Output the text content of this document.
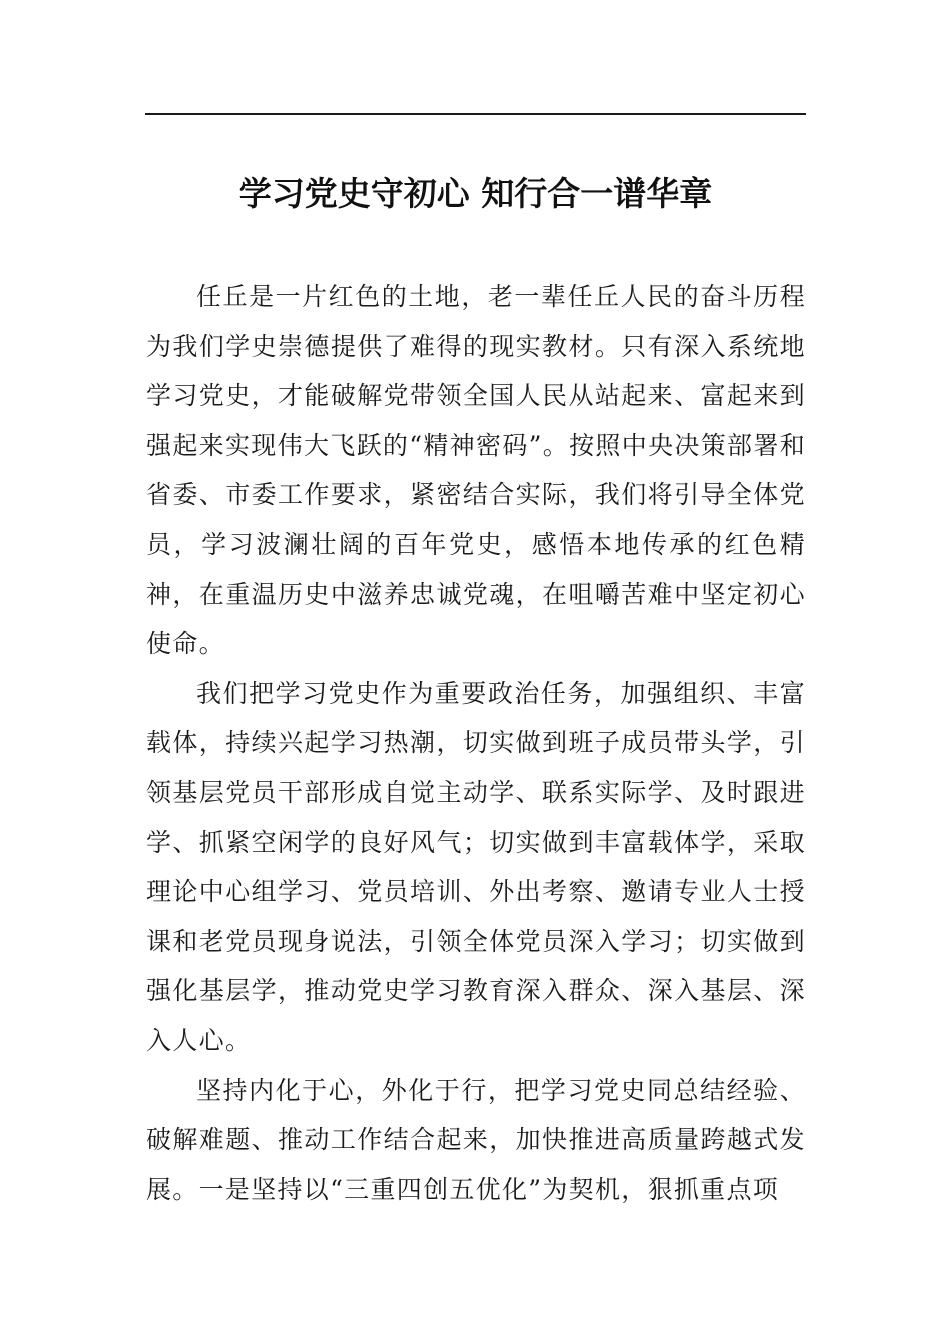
学习党史守初心 知行合一谱华章

任丘是一片红色的土地，老一辈任丘人民的奋斗历程为我们学史崇德提供了难得的现实教材。只有深入系统地学习党史，才能破解党带领全国人民从站起来、富起来到强起来实现伟大飞跃的“精神密码”。按照中央决策部署和省委、市委工作要求，紧密结合实际，我们将引导全体党员，学习波澜壮阔的百年党史，感悟本地传承的红色精神，在重温历史中滋养忠诚党魂，在咀嚼苦难中坚定初心使命。

我们把学习党史作为重要政治任务，加强组织、丰富载体，持续兴起学习热潮，切实做到班子成员带头学，引领基层党员干部形成自觉主动学、联系实际学、及时跟进学、抓紧空闲学的良好风气；切实做到丰富载体学，采取理论中心组学习、党员培训、外出考察、邀请专业人士授课和老党员现身说法，引领全体党员深入学习；切实做到强化基层学，推动党史学习教育深入群众、深入基层、深入人心。

坚持内化于心，外化于行，把学习党史同总结经验、破解难题、推动工作结合起来，加快推进高质量跨越式发展。一是坚持以“三重四创五优化”为契机，狠抓重点项
